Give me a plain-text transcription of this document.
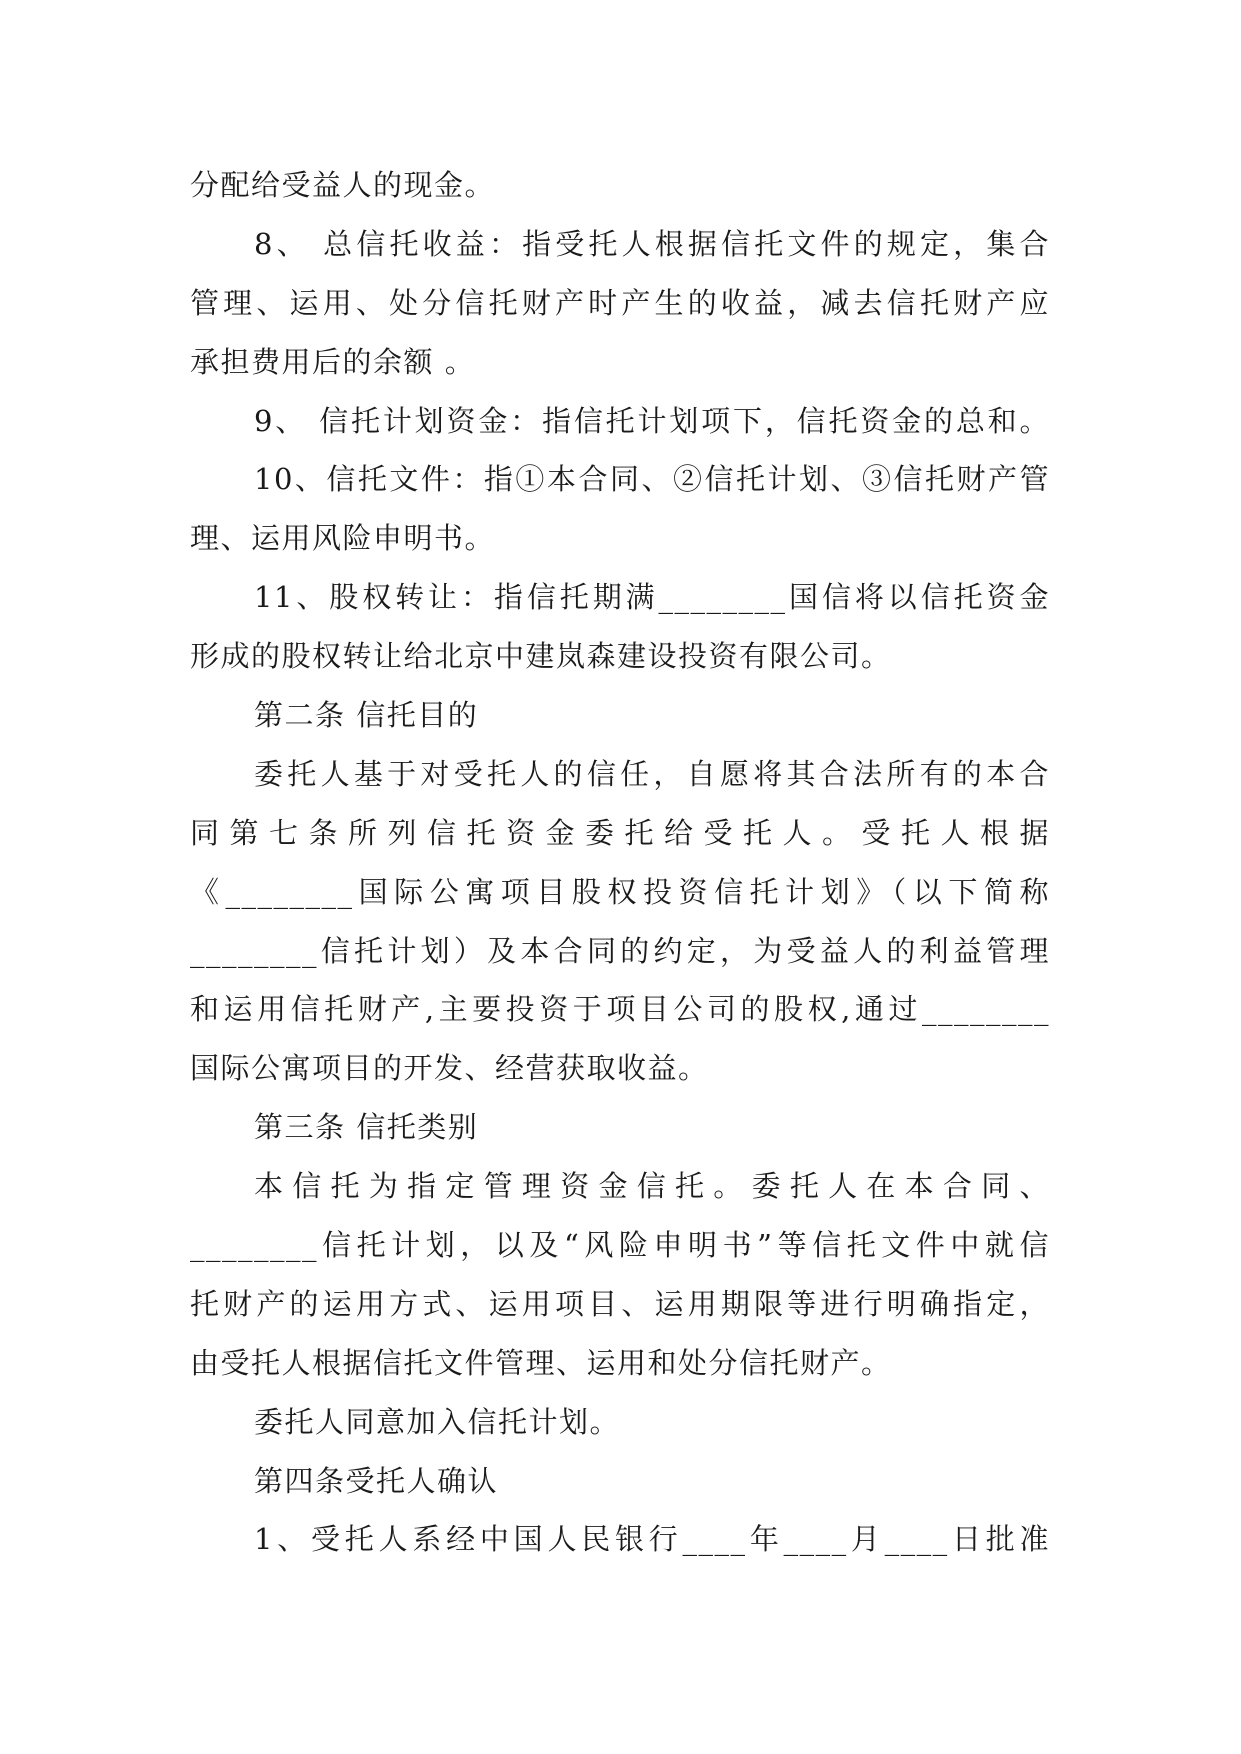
分配给受益人的现金。
8、 总信托收益：指受托人根据信托文件的规定，集合
管理、运用、处分信托财产时产生的收益，减去信托财产应
承担费用后的余额 。
9、 信托计划资金：指信托计划项下，信托资金的总和。
10、信托文件：指①本合同、②信托计划、③信托财产管
理、运用风险申明书。
11、股权转让：指信托期满________国信将以信托资金
形成的股权转让给北京中建岚森建设投资有限公司。
第二条 信托目的
委托人基于对受托人的信任，自愿将其合法所有的本合
同第七条所列信托资金委托给受托人。受托人根据
《________国际公寓项目股权投资信托计划》（以下简称
________信托计划）及本合同的约定，为受益人的利益管理
和运用信托财产,主要投资于项目公司的股权,通过________
国际公寓项目的开发、经营获取收益。
第三条 信托类别
本信托为指定管理资金信托。委托人在本合同、
________信托计划，以及“风险申明书”等信托文件中就信
托财产的运用方式、运用项目、运用期限等进行明确指定，
由受托人根据信托文件管理、运用和处分信托财产。
委托人同意加入信托计划。
第四条受托人确认
1、受托人系经中国人民银行____年____月____日批准
